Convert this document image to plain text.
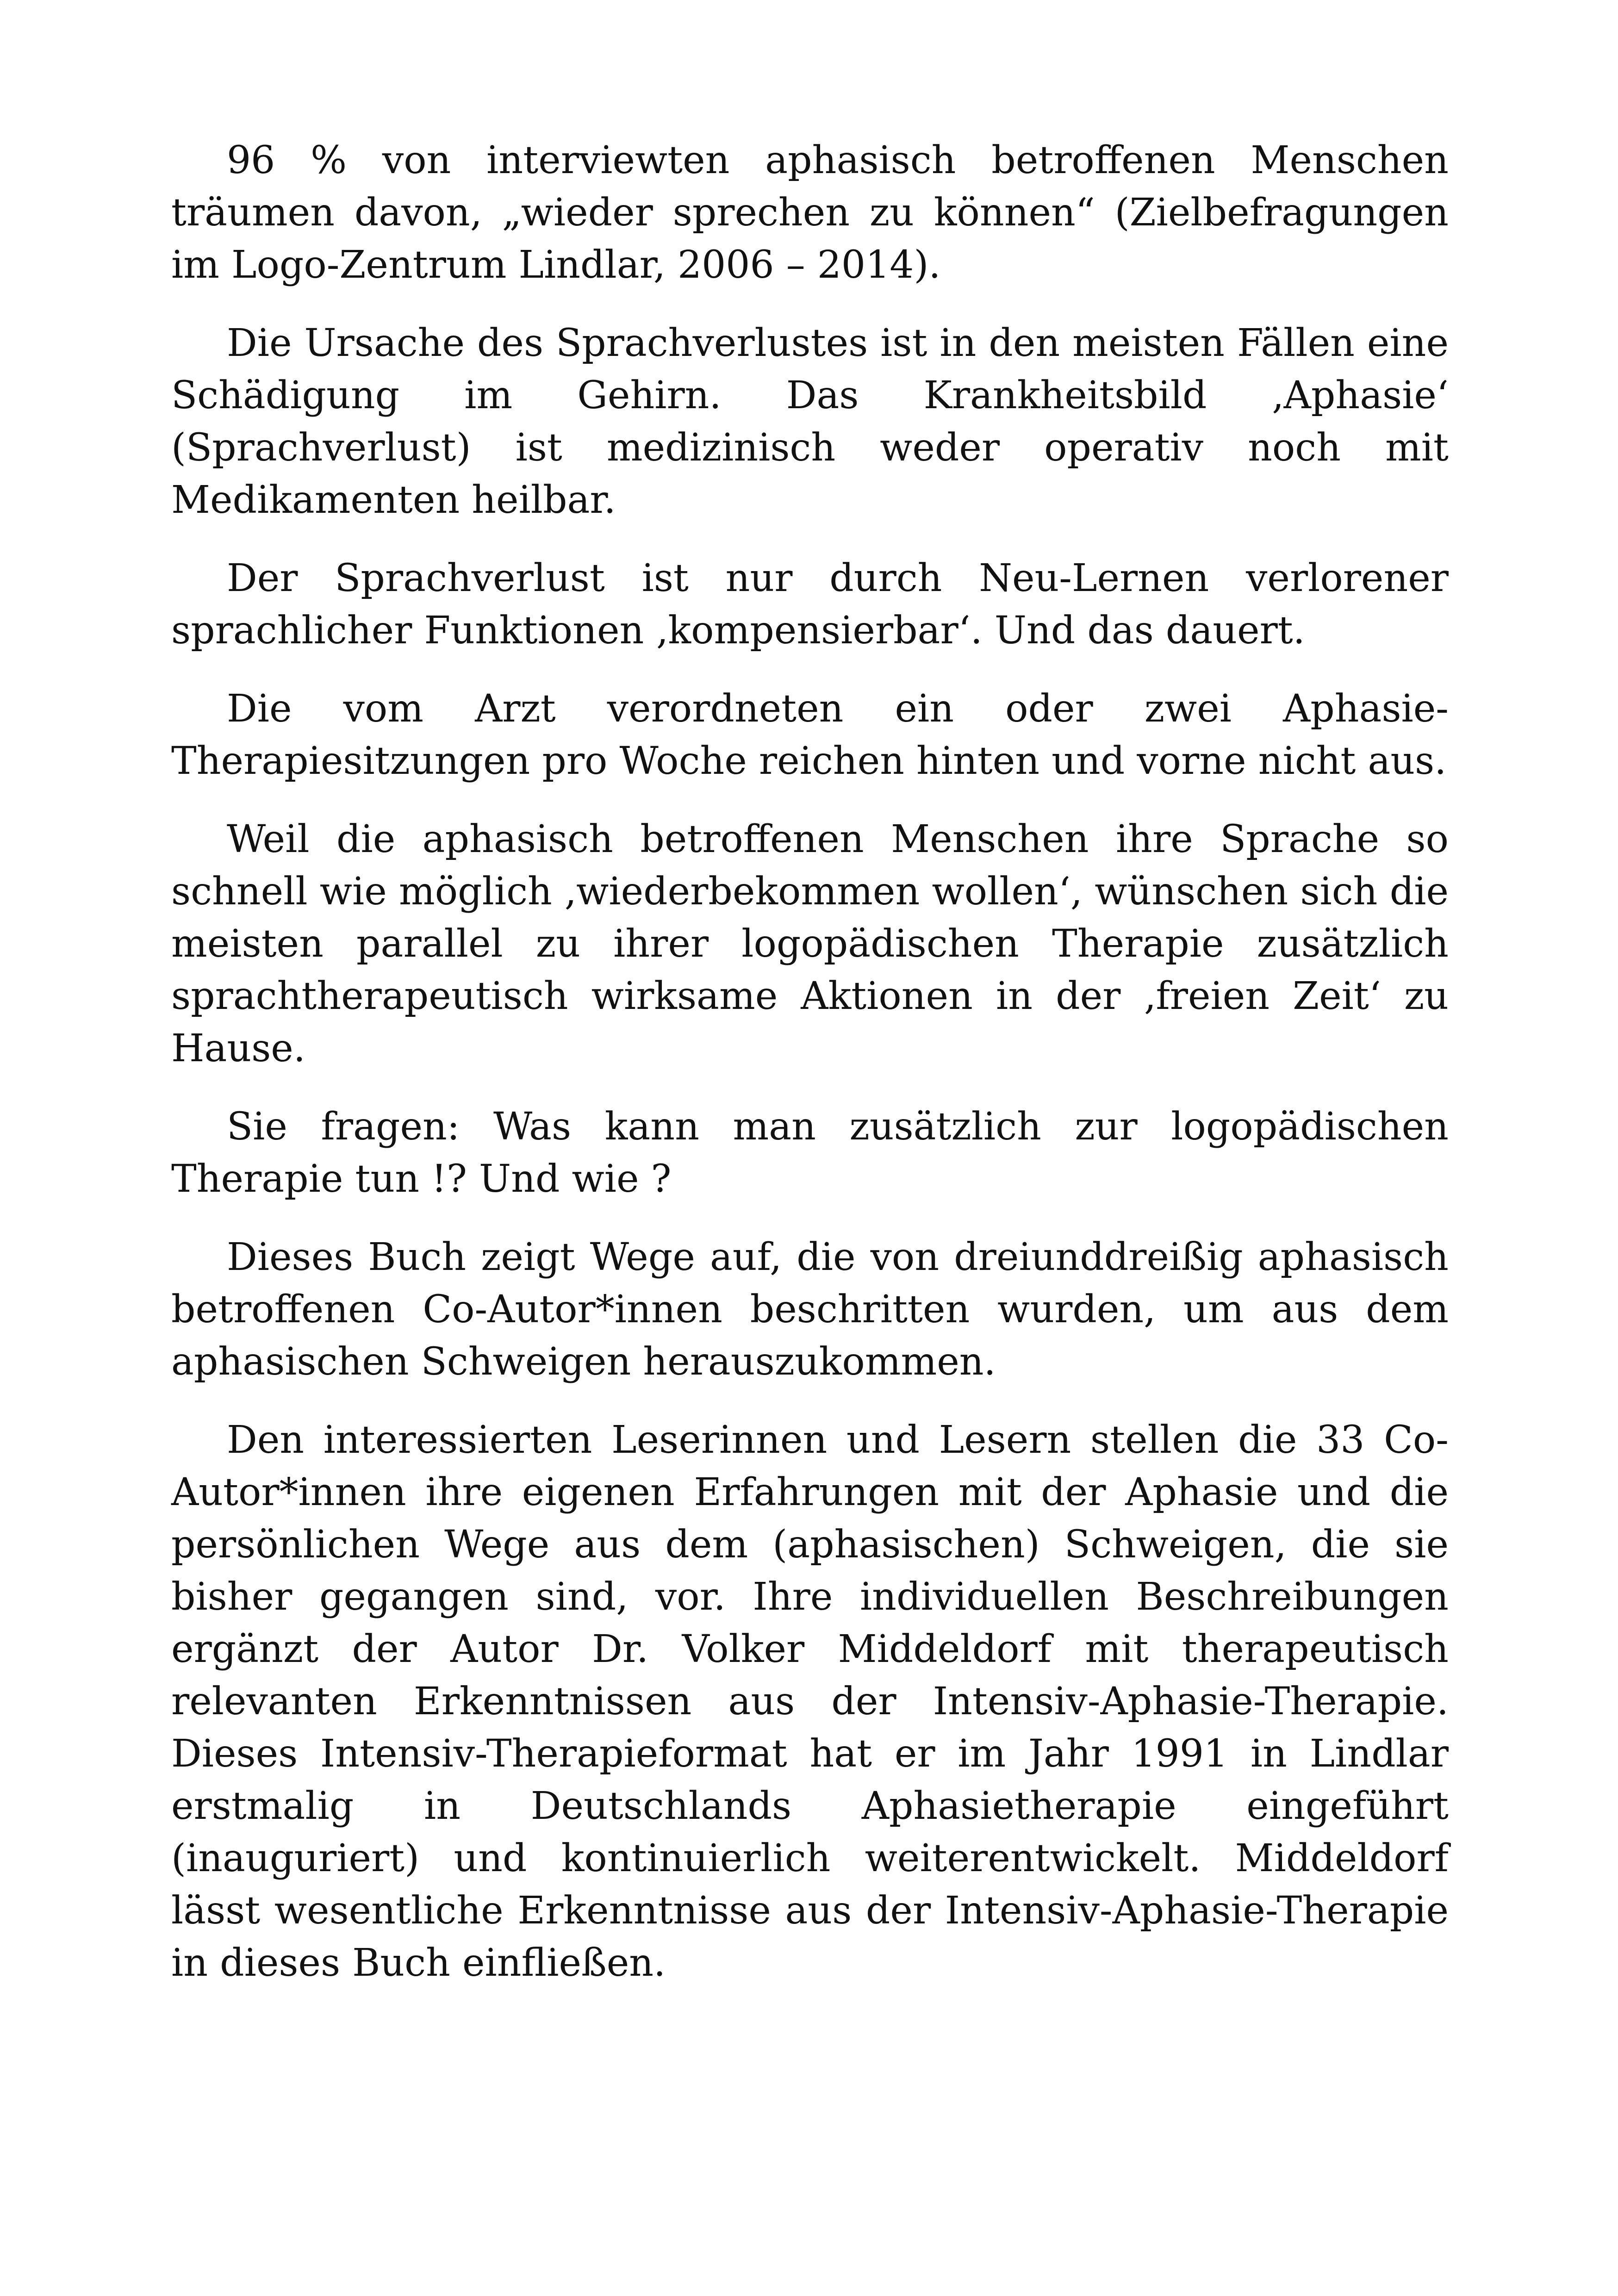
96 % von interviewten aphasisch betroffenen Menschen träumen davon, „wieder sprechen zu können“ (Zielbefragungen im Logo-Zentrum Lindlar, 2006 – 2014).

Die Ursache des Sprachverlustes ist in den meisten Fällen eine Schädigung im Gehirn. Das Krankheitsbild ‚Aphasie‘ (Sprachverlust) ist medizinisch weder operativ noch mit Medikamenten heilbar.

Der Sprachverlust ist nur durch Neu-Lernen verlorener sprachlicher Funktionen ‚kompensierbar‘. Und das dauert.

Die vom Arzt verordneten ein oder zwei Aphasie-Therapiesitzungen pro Woche reichen hinten und vorne nicht aus.

Weil die aphasisch betroffenen Menschen ihre Sprache so schnell wie möglich ‚wiederbekommen wollen‘, wünschen sich die meisten parallel zu ihrer logopädischen Therapie zusätzlich sprachtherapeutisch wirksame Aktionen in der ‚freien Zeit‘ zu Hause.

Sie fragen: Was kann man zusätzlich zur logopädischen Therapie tun !? Und wie ?

Dieses Buch zeigt Wege auf, die von dreiunddreißig aphasisch betroffenen Co-Autor*innen beschritten wurden, um aus dem aphasischen Schweigen herauszukommen.

Den interessierten Leserinnen und Lesern stellen die 33 Co-Autor*innen ihre eigenen Erfahrungen mit der Aphasie und die persönlichen Wege aus dem (aphasischen) Schweigen, die sie bisher gegangen sind, vor. Ihre individuellen Beschreibungen ergänzt der Autor Dr. Volker Middeldorf mit therapeutisch relevanten Erkenntnissen aus der Intensiv-Aphasie-Therapie. Dieses Intensiv-Therapieformat hat er im Jahr 1991 in Lindlar erstmalig in Deutschlands Aphasietherapie eingeführt (inauguriert) und kontinuierlich weiterentwickelt. Middeldorf lässt wesentliche Erkenntnisse aus der Intensiv-Aphasie-Therapie in dieses Buch einfließen.
